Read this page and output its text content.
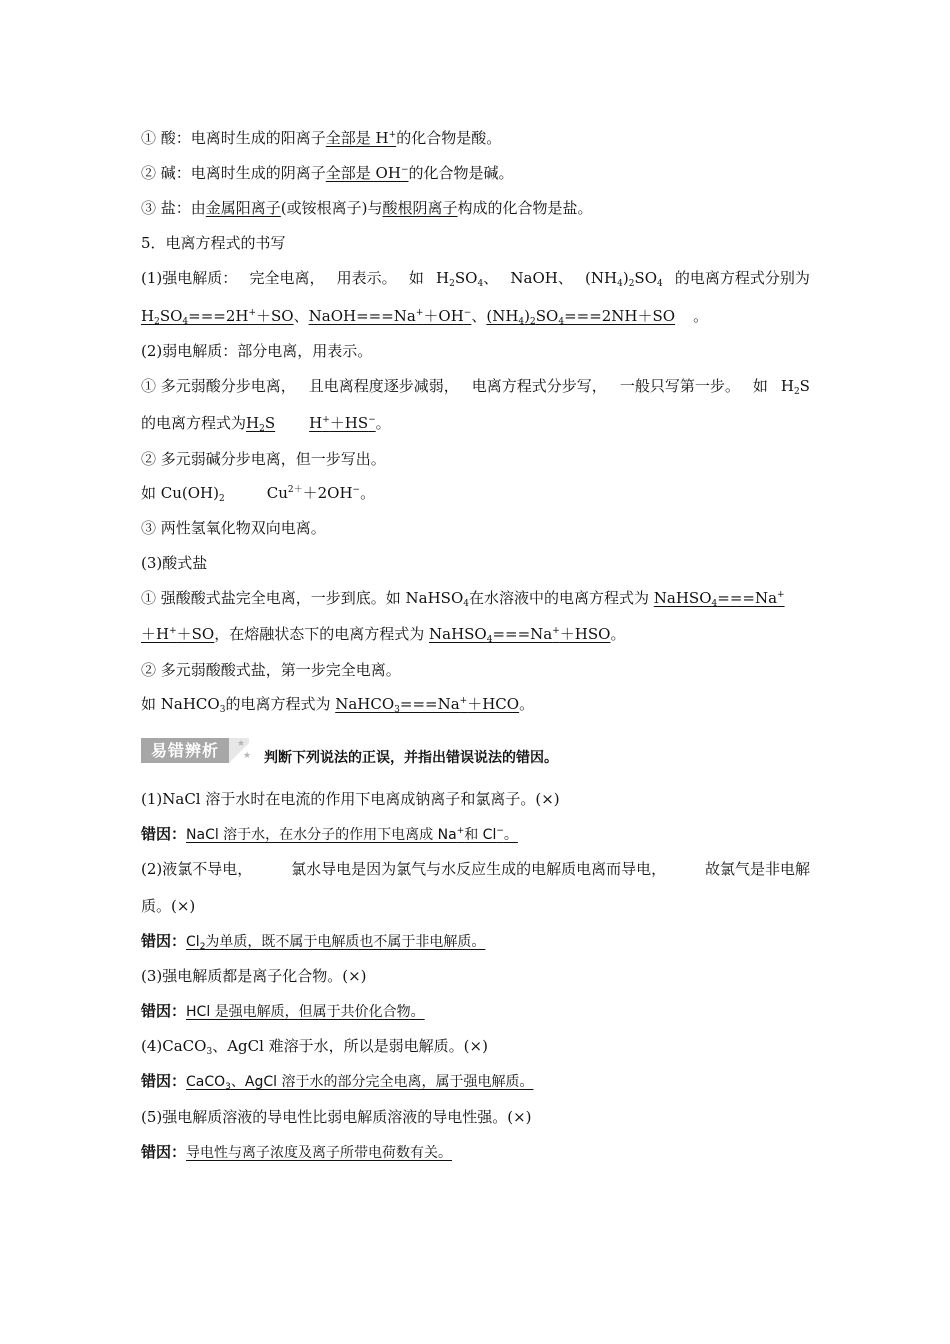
① 酸：电离时生成的阳离子全部是 H+的化合物是酸。
② 碱：电离时生成的阴离子全部是 OH−的化合物是碱。
③ 盐：由金属阳离子(或铵根离子)与酸根阴离子构成的化合物是盐。
5．电离方程式的书写
(1)强电解质： 完全电离， 用表示。 如 $H_2SO_4$、 NaOH、 $(NH_4)_2SO_4$ 的电离方程式分别为
$H_2SO_4===2H^++SO$、NaOH===Na+＋OH−、$(NH_4)_2SO_4===2NH+SO$ 。
(2)弱电解质：部分电离，用表示。
① 多元弱酸分步电离， 且电离程度逐步减弱， 电离方程式分步写， 一般只写第一步。 如 $H_2S$
的电离方程式为$H_2S$ H+＋HS−。
② 多元弱碱分步电离，但一步写出。
如 $Cu(OH)_2$	$Cu^{2+}+2OH^-$。
③ 两性氢氧化物双向电离。
(3)酸式盐
① 强酸酸式盐完全电离，一步到底。如 NaHSO$_4$在水溶液中的电离方程式为 NaHSO$_4$===Na+
＋H+＋SO，在熔融状态下的电离方程式为 NaHSO$_4$===Na+＋HSO。
② 多元弱酸酸式盐，第一步完全电离。
如 NaHCO$_3$的电离方程式为 NaHCO$_3$===Na+＋HCO。
易错辨析	★
★ 判断下列说法的正误，并指出错误说法的错因。
(1)NaCl 溶于水时在电流的作用下电离成钠离子和氯离子。(×)
错因：NaCl 溶于水，在水分子的作用下电离成 Na+和 Cl−。
(2)液氯不导电，	氯水导电是因为氯气与水反应生成的电解质电离而导电，	故氯气是非电解
质。(×)
错因：$Cl_2$为单质，既不属于电解质也不属于非电解质。
(3)强电解质都是离子化合物。(×)
错因：HCl 是强电解质，但属于共价化合物。
(4)CaCO$_3$、AgCl 难溶于水，所以是弱电解质。(×)
错因：CaCO$_3$、AgCl 溶于水的部分完全电离，属于强电解质。
(5)强电解质溶液的导电性比弱电解质溶液的导电性强。(×)
错因：导电性与离子浓度及离子所带电荷数有关。
